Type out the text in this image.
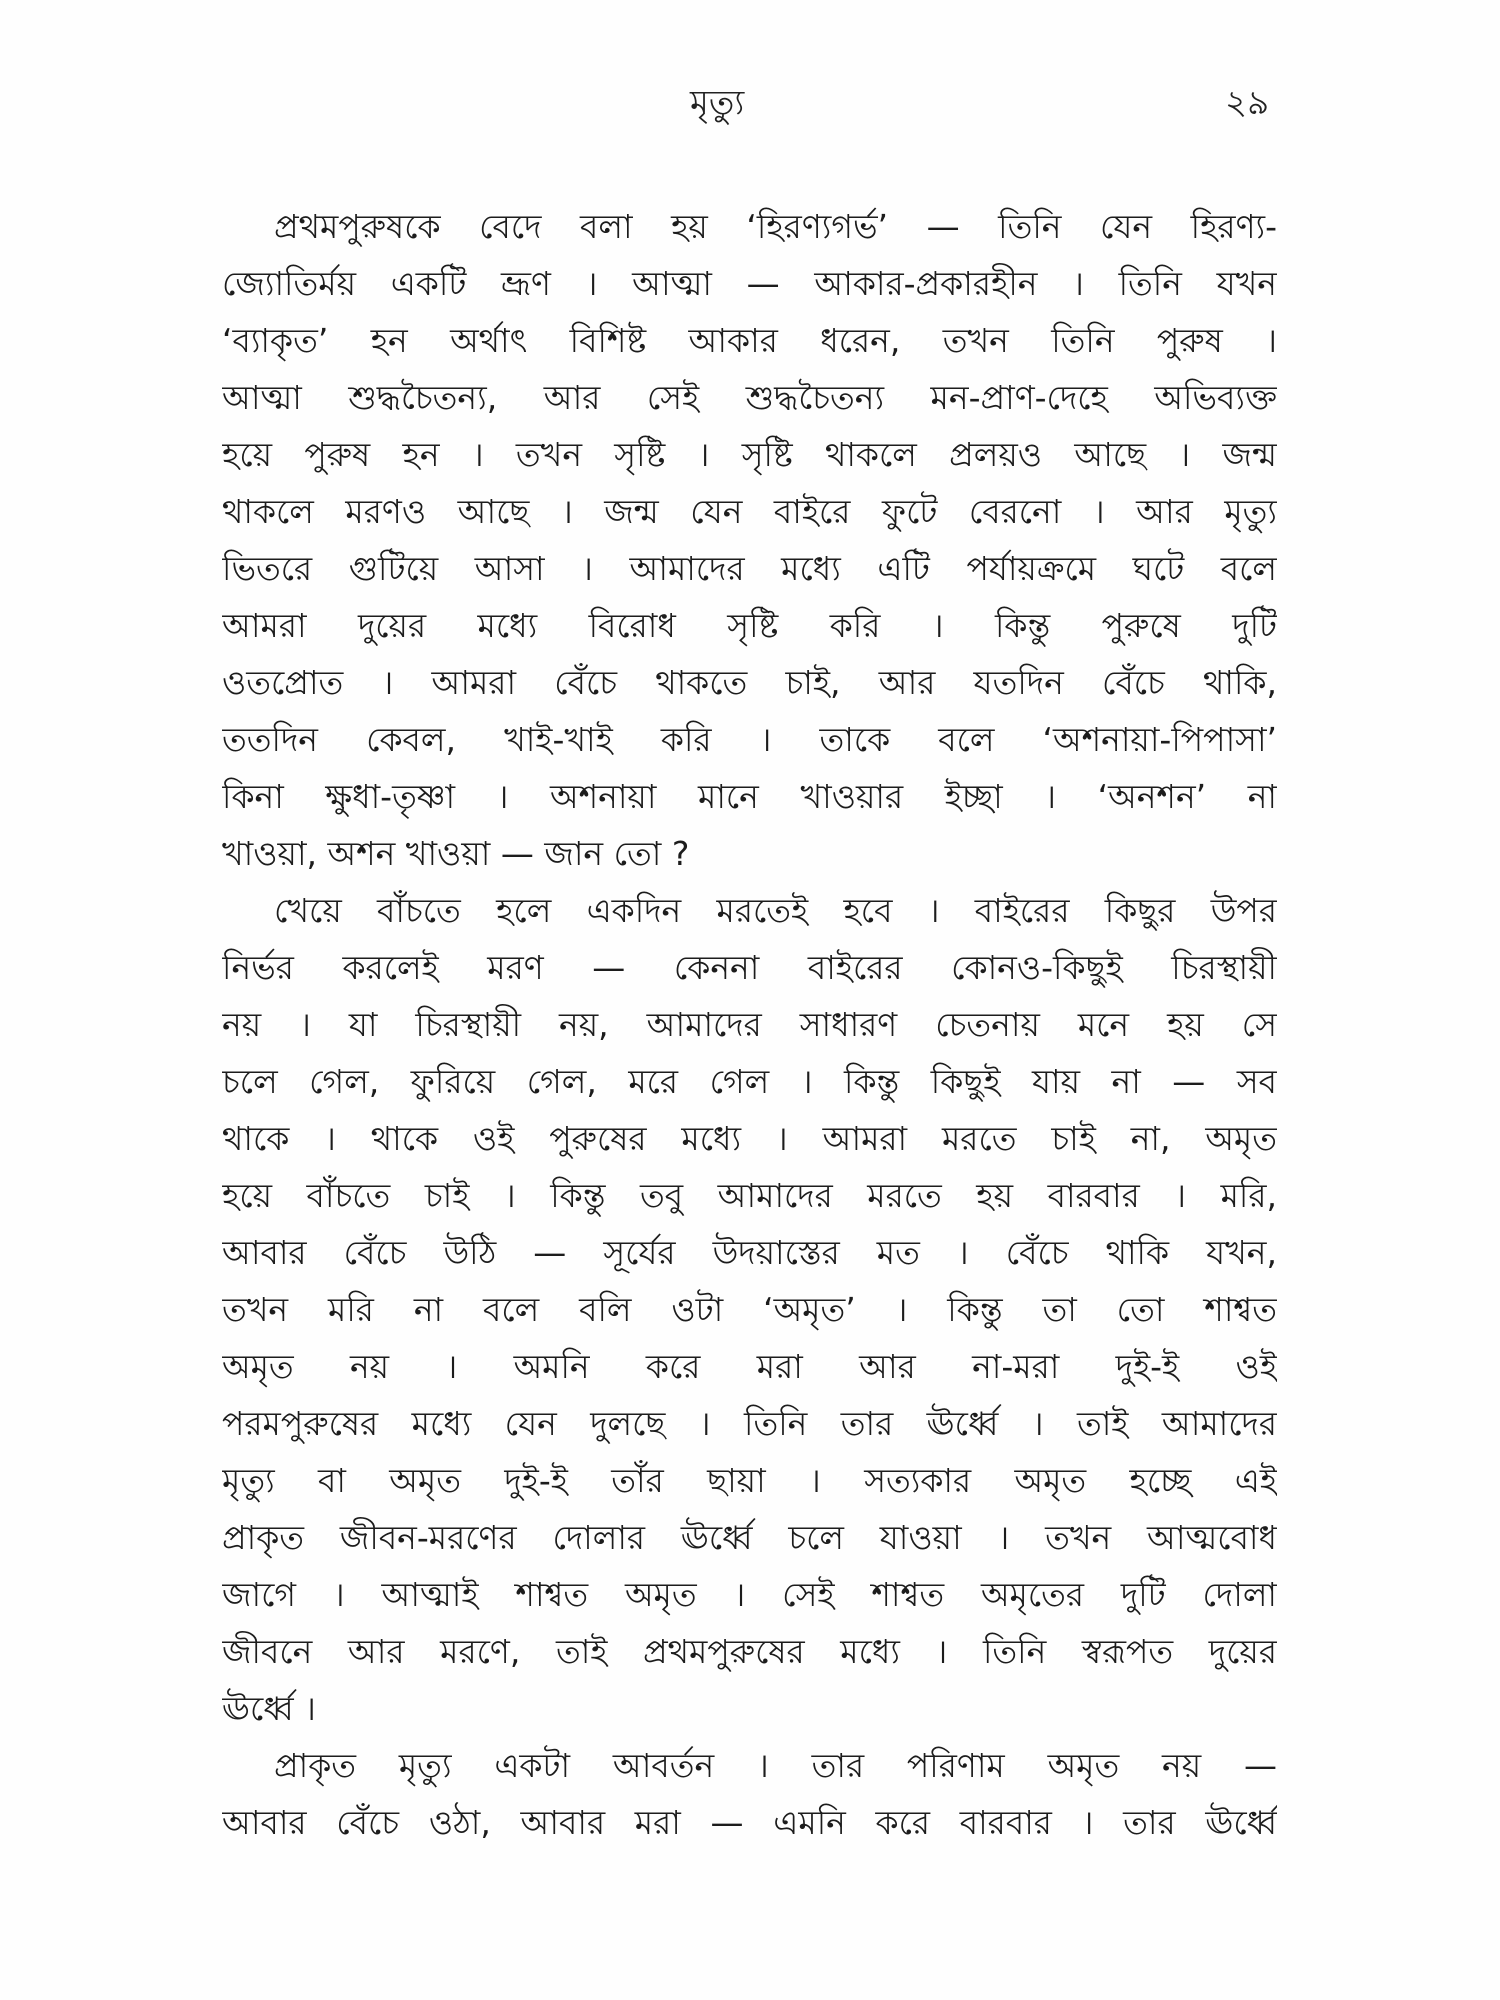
মৃত্যু	২৯
প্রথমপুরুষকে বেদে বলা হয় ‘হিরণ্যগর্ভ’ — তিনি যেন হিরণ্য-
জ্যোতির্ময় একটি ভ্রূণ । আত্মা — আকার-প্রকারহীন । তিনি যখন
‘ব্যাকৃত’ হন অর্থাৎ বিশিষ্ট আকার ধরেন, তখন তিনি পুরুষ ।
আত্মা শুদ্ধচৈতন্য, আর সেই শুদ্ধচৈতন্য মন-প্রাণ-দেহে অভিব্যক্ত
হয়ে পুরুষ হন । তখন সৃষ্টি । সৃষ্টি থাকলে প্রলয়ও আছে । জন্ম
থাকলে মরণও আছে । জন্ম যেন বাইরে ফুটে বেরনো । আর মৃত্যু
ভিতরে গুটিয়ে আসা । আমাদের মধ্যে এটি পর্যায়ক্রমে ঘটে বলে
আমরা দুয়ের মধ্যে বিরোধ সৃষ্টি করি । কিন্তু পুরুষে দুটি
ওতপ্রোত । আমরা বেঁচে থাকতে চাই, আর যতদিন বেঁচে থাকি,
ততদিন কেবল, খাই-খাই করি । তাকে বলে ‘অশনায়া-পিপাসা’
কিনা ক্ষুধা-তৃষ্ণা । অশনায়া মানে খাওয়ার ইচ্ছা । ‘অনশন’ না
খাওয়া, অশন খাওয়া — জান তো ?
খেয়ে বাঁচতে হলে একদিন মরতেই হবে । বাইরের কিছুর উপর
নির্ভর করলেই মরণ — কেননা বাইরের কোনও-কিছুই চিরস্থায়ী
নয় । যা চিরস্থায়ী নয়, আমাদের সাধারণ চেতনায় মনে হয় সে
চলে গেল, ফুরিয়ে গেল, মরে গেল । কিন্তু কিছুই যায় না — সব
থাকে । থাকে ওই পুরুষের মধ্যে । আমরা মরতে চাই না, অমৃত
হয়ে বাঁচতে চাই । কিন্তু তবু আমাদের মরতে হয় বারবার । মরি,
আবার বেঁচে উঠি — সূর্যের উদয়াস্তের মত । বেঁচে থাকি যখন,
তখন মরি না বলে বলি ওটা ‘অমৃত’ । কিন্তু তা তো শাশ্বত
অমৃত নয় । অমনি করে মরা আর না-মরা দুই-ই ওই
পরমপুরুষের মধ্যে যেন দুলছে । তিনি তার ঊর্ধ্বে । তাই আমাদের
মৃত্যু বা অমৃত দুই-ই তাঁর ছায়া । সত্যকার অমৃত হচ্ছে এই
প্রাকৃত জীবন-মরণের দোলার ঊর্ধ্বে চলে যাওয়া । তখন আত্মবোধ
জাগে । আত্মাই শাশ্বত অমৃত । সেই শাশ্বত অমৃতের দুটি দোলা
জীবনে আর মরণে, তাই প্রথমপুরুষের মধ্যে । তিনি স্বরূপত দুয়ের
ঊর্ধ্বে ।
প্রাকৃত মৃত্যু একটা আবর্তন । তার পরিণাম অমৃত নয় —
আবার বেঁচে ওঠা, আবার মরা — এমনি করে বারবার । তার ঊর্ধ্বে
